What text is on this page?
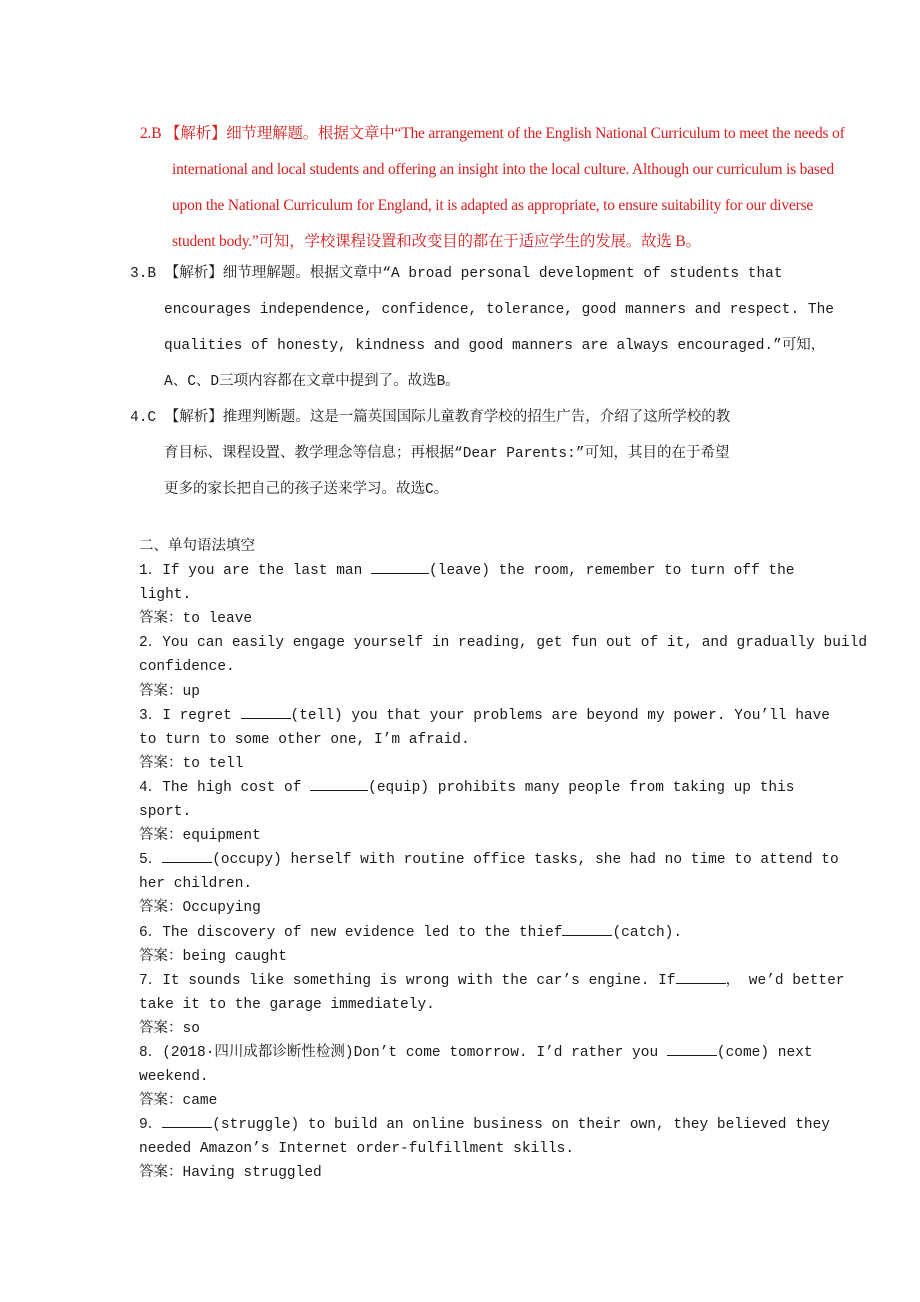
2.B 【解析】细节理解题。根据文章中“The arrangement of the English National Curriculum to meet the needs of
international and local students and offering an insight into the local culture. Although our curriculum is based
upon the National Curriculum for England, it is adapted as appropriate, to ensure suitability for our diverse
student body.”可知，学校课程设置和改变目的都在于适应学生的发展。故选 B。
3.B 【解析】细节理解题。根据文章中“A broad personal development of students that
encourages independence, confidence, tolerance, good manners and respect. The
qualities of honesty, kindness and good manners are always encouraged.”可知，
A、C、D三项内容都在文章中提到了。故选B。
4.C 【解析】推理判断题。这是一篇英国国际儿童教育学校的招生广告，介绍了这所学校的教
育目标、课程设置、教学理念等信息；再根据“Dear Parents:”可知，其目的在于希望
更多的家长把自己的孩子送来学习。故选C。
二、单句语法填空
1．If you are the last man	(leave) the room, remember to turn off the
light.
答案：to leave
2．You can easily engage yourself in reading, get fun out of it, and gradually build
confidence.
答案：up
3．I regret	(tell) you that your problems are beyond my power. You’ll have
to turn to some other one, I’m afraid.
答案：to tell
4．The high cost of	(equip) prohibits many people from taking up this
sport.
答案：equipment
5．	(occupy) herself with routine office tasks, she had no time to attend to
her children.
答案：Occupying
6．The discovery of new evidence led to the thief	(catch).
答案：being caught
7．It sounds like something is wrong with the car’s engine. If	， we’d better
take it to the garage immediately.
答案：so
8．(2018·四川成都诊断性检测)Don’t come tomorrow. I’d rather you	(come) next
weekend.
答案：came
9．	(struggle) to build an online business on their own, they believed they
needed Amazon’s Internet order-fulfillment skills.
答案：Having struggled
